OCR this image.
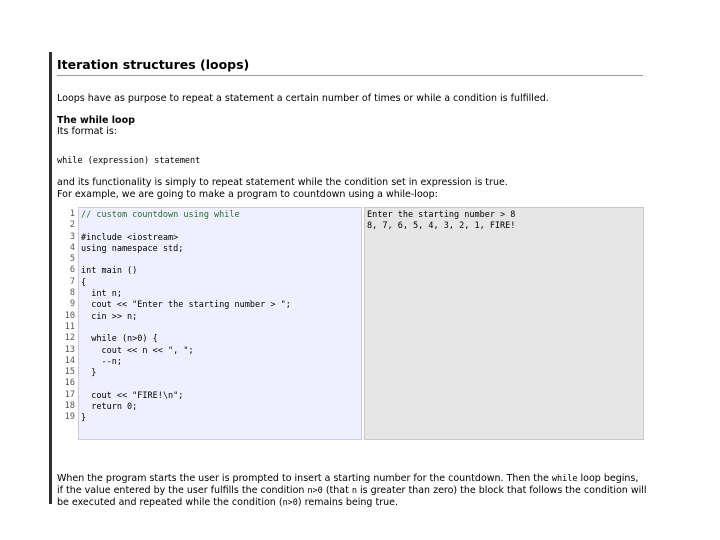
Iteration structures (loops)

Loops have as purpose to repeat a statement a certain number of times or while a condition is fulfilled.

The while loop

Its format is:

while (expression) statement

and its functionality is simply to repeat statement while the condition set in expression is true.

For example, we are going to make a program to countdown using a while-loop:

1
2
3
4
5
6
7
8
9
10
11
12
13
14
15
16
17
18
19
// custom countdown using while
#include <iostream>
using namespace std;
int main ()
{
int n;
cout << "Enter the starting number > ";
cin >> n;
while (n>0) {
cout << n << ", ";
--n;
}
cout << "FIRE!\n";
return 0;
}
Enter the starting number > 8
8, 7, 6, 5, 4, 3, 2, 1, FIRE!

When the program starts the user is prompted to insert a starting number for the countdown. Then the while loop begins, if the value entered by the user fulfills the condition n>0 (that n is greater than zero) the block that follows the condition will be executed and repeated while the condition (n>0) remains being true.
